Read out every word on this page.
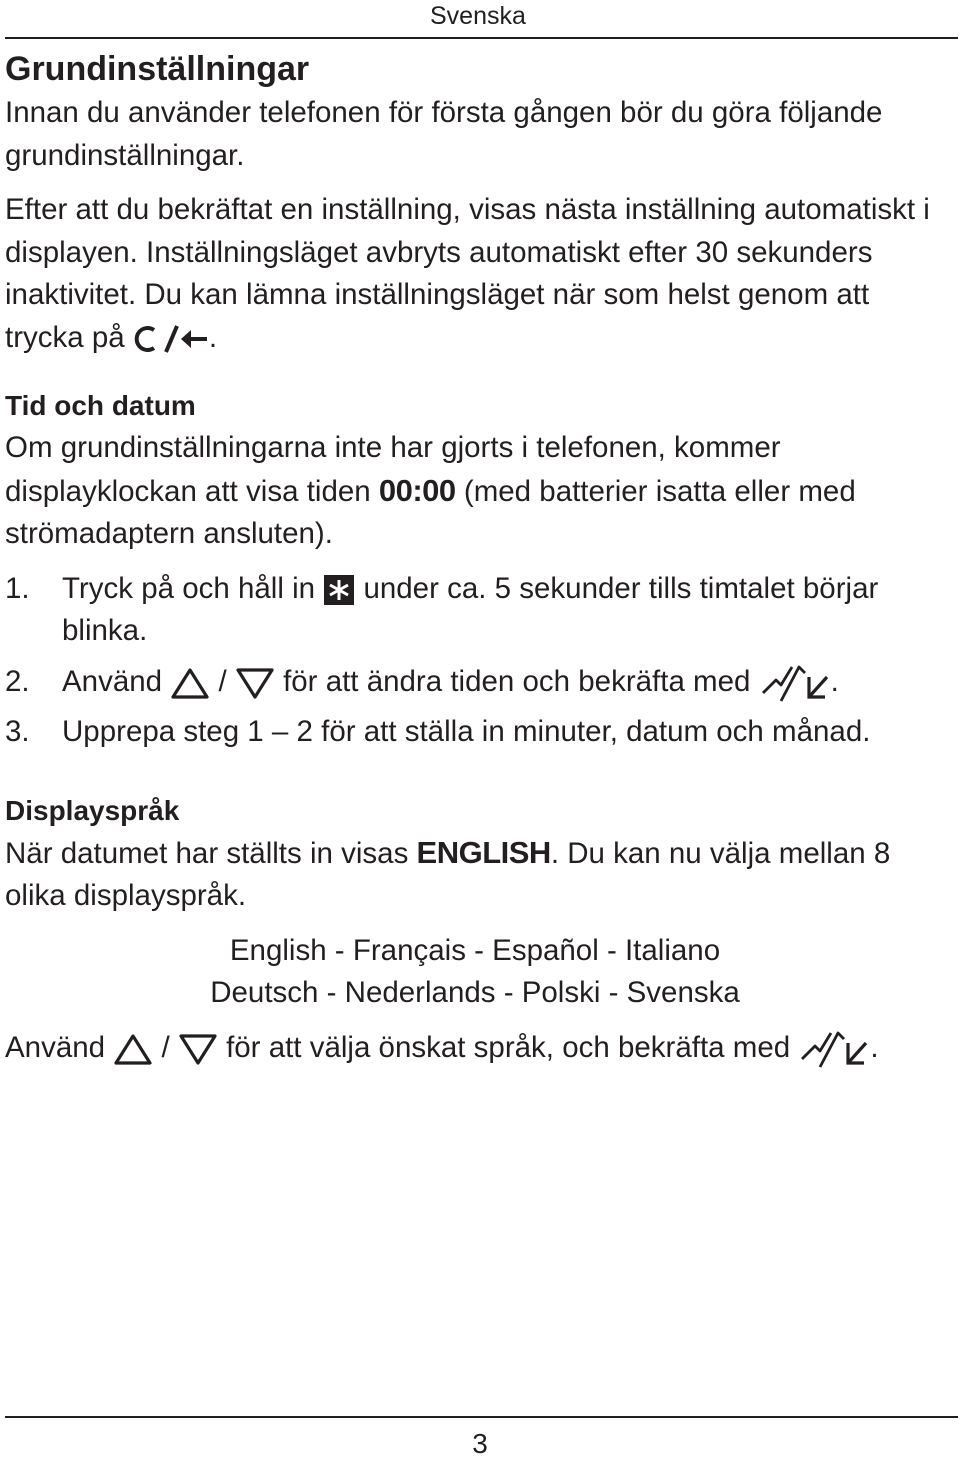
Svenska
Grundinställningar

Innan du använder telefonen för första gången bör du göra följande grundinställningar.

Efter att du bekräftat en inställning, visas nästa inställning automatiskt i displayen. Inställningsläget avbryts automatiskt efter 30 sekunders inaktivitet. Du kan lämna inställningsläget när som helst genom att trycka på	.

Tid och datum

Om grundinställningarna inte har gjorts i telefonen, kommer displayklockan att visa tiden 00:00 (med batterier isatta eller med strömadaptern ansluten).

1.	Tryck på och håll in under ca. 5 sekunder tills timtalet börjar blinka.
2.	Använd / för att ändra tiden och bekräfta med	.
3.	Upprepa steg 1 – 2 för att ställa in minuter, datum och månad.
Displayspråk

När datumet har ställts in visas ENGLISH. Du kan nu välja mellan 8 olika displayspråk.

English - Français - Español - Italiano
Deutsch - Nederlands - Polski - Svenska

Använd / för att välja önskat språk, och bekräfta med	.

3
